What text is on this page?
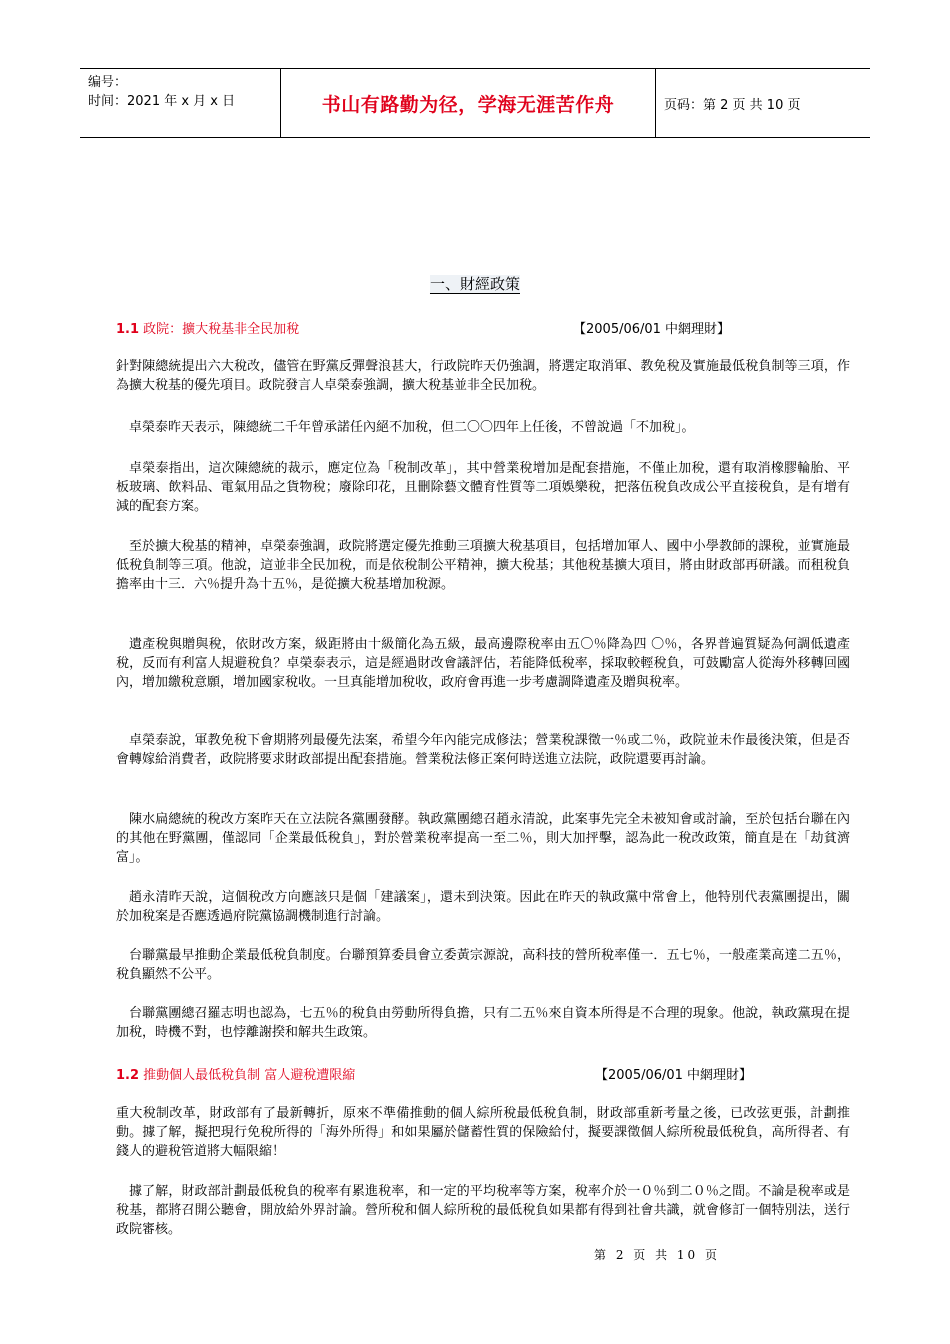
编号：
时间：2021 年 x 月 x 日	书山有路勤为径，学海无涯苦作舟	页码：第 2 页 共 10 页
一、財經政策
1.1 政院：擴大稅基非全民加稅	【2005/06/01 中網理財】

針對陳總統提出六大稅改，儘管在野黨反彈聲浪甚大，行政院昨天仍強調，將選定取消軍、教免稅及實施最低稅負制等三項，作為擴大稅基的優先項目。政院發言人卓榮泰強調，擴大稅基並非全民加稅。

卓榮泰昨天表示，陳總統二千年曾承諾任內絕不加稅，但二〇〇四年上任後，不曾說過「不加稅」。

卓榮泰指出，這次陳總統的裁示，應定位為「稅制改革」，其中營業稅增加是配套措施，不僅止加稅，還有取消橡膠輪胎、平板玻璃、飲料品、電氣用品之貨物稅；廢除印花，且刪除藝文體育性質等二項娛樂稅，把落伍稅負改成公平直接稅負，是有增有減的配套方案。

至於擴大稅基的精神，卓榮泰強調，政院將選定優先推動三項擴大稅基項目，包括增加軍人、國中小學教師的課稅，並實施最低稅負制等三項。他說，這並非全民加稅，而是依稅制公平精神，擴大稅基；其他稅基擴大項目，將由財政部再研議。而租稅負擔率由十三．六％提升為十五％，是從擴大稅基增加稅源。

遺產稅與贈與稅，依財改方案，級距將由十級簡化為五級，最高邊際稅率由五〇％降為四 〇％，各界普遍質疑為何調低遺產稅，反而有利富人規避稅負？卓榮泰表示，這是經過財改會議評估，若能降低稅率，採取較輕稅負，可鼓勵富人從海外移轉回國內，增加繳稅意願，增加國家稅收。一旦真能增加稅收，政府會再進一步考慮調降遺產及贈與稅率。

卓榮泰說，軍教免稅下會期將列最優先法案，希望今年內能完成修法；營業稅課徵一％或二％，政院並未作最後決策，但是否會轉嫁給消費者，政院將要求財政部提出配套措施。營業稅法修正案何時送進立法院，政院還要再討論。

陳水扁總統的稅改方案昨天在立法院各黨團發酵。執政黨團總召趙永清說，此案事先完全未被知會或討論，至於包括台聯在內的其他在野黨團，僅認同「企業最低稅負」，對於營業稅率提高一至二％，則大加抨擊，認為此一稅改政策，簡直是在「劫貧濟富」。

趙永清昨天說，這個稅改方向應該只是個「建議案」，還未到決策。因此在昨天的執政黨中常會上，他特別代表黨團提出，關於加稅案是否應透過府院黨協調機制進行討論。

台聯黨最早推動企業最低稅負制度。台聯預算委員會立委黃宗源說，高科技的營所稅率僅一．五七％，一般產業高達二五％，稅負顯然不公平。

台聯黨團總召羅志明也認為，七五％的稅負由勞動所得負擔，只有二五％來自資本所得是不合理的現象。他說，執政黨現在提加稅，時機不對，也悖離謝揆和解共生政策。

1.2 推動個人最低稅負制 富人避稅遭限縮	【2005/06/01 中網理財】

重大稅制改革，財政部有了最新轉折，原來不準備推動的個人綜所稅最低稅負制，財政部重新考量之後，已改弦更張，計劃推動。據了解，擬把現行免稅所得的「海外所得」和如果屬於儲蓄性質的保險給付，擬要課徵個人綜所稅最低稅負，高所得者、有錢人的避稅管道將大幅限縮！

據了解，財政部計劃最低稅負的稅率有累進稅率，和一定的平均稅率等方案，稅率介於一０％到二０％之間。不論是稅率或是稅基，都將召開公聽會，開放給外界討論。營所稅和個人綜所稅的最低稅負如果都有得到社會共識，就會修訂一個特別法，送行政院審核。

第 2 页 共 10 页
